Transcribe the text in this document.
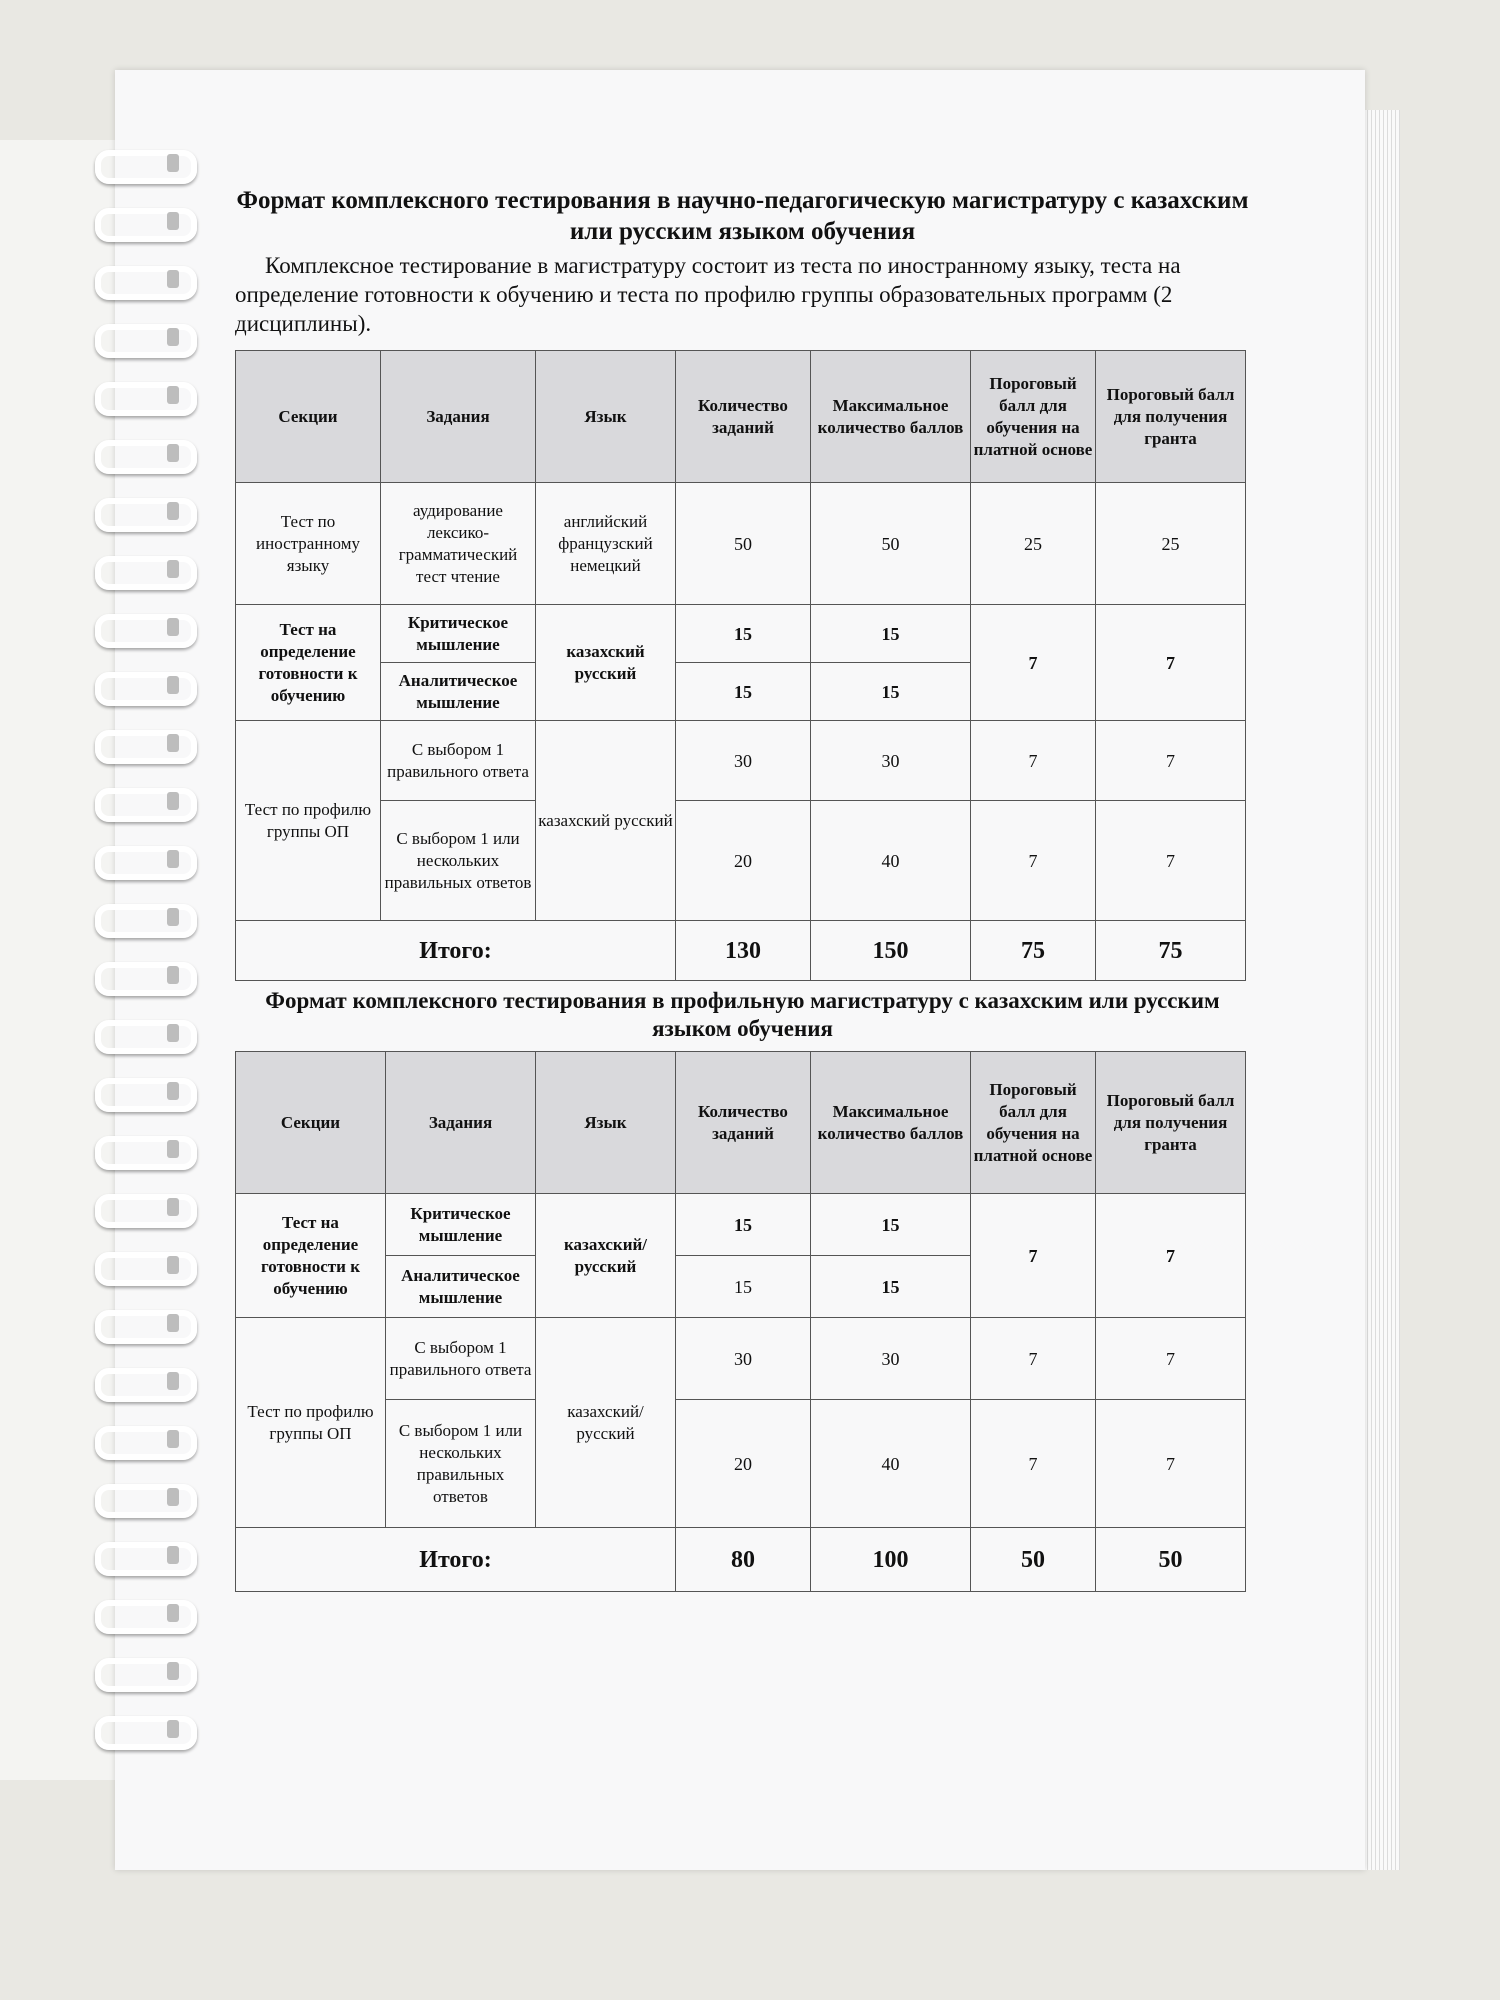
Формат комплексного тестирования в научно-педагогическую магистратуру с казахским или русским языком обучения

Комплексное тестирование в магистратуру состоит из теста по иностранному языку, теста на определение готовности к обучению и теста по профилю группы образовательных программ (2 дисциплины).

Секции	Задания	Язык	Количество заданий	Максимальное количество баллов	Пороговый балл для обучения на платной основе	Пороговый балл для получения гранта
Тест по иностранному языку	аудирование лексико-грамматический тест чтение	английский французский немецкий	50	50	25	25
Тест на определение готовности к обучению	Критическое мышление	казахский русский	15	15	7	7
	Аналитическое мышление		15	15		
Тест по профилю группы ОП	С выбором 1 правильного ответа	казахский русский	30	30	7	7
	С выбором 1 или нескольких правильных ответов		20	40	7	7
Итого:			130	150	75	75
Формат комплексного тестирования в профильную магистратуру с казахским или русским языком обучения
Секции	Задания	Язык	Количество заданий	Максимальное количество баллов	Пороговый балл для обучения на платной основе	Пороговый балл для получения гранта
Тест на определение готовности к обучению	Критическое мышление	казахский/ русский	15	15	7	7
	Аналитическое мышление		15	15		
Тест по профилю группы ОП	С выбором 1 правильного ответа	казахский/ русский	30	30	7	7
	С выбором 1 или нескольких правильных ответов		20	40	7	7
Итого:			80	100	50	50
